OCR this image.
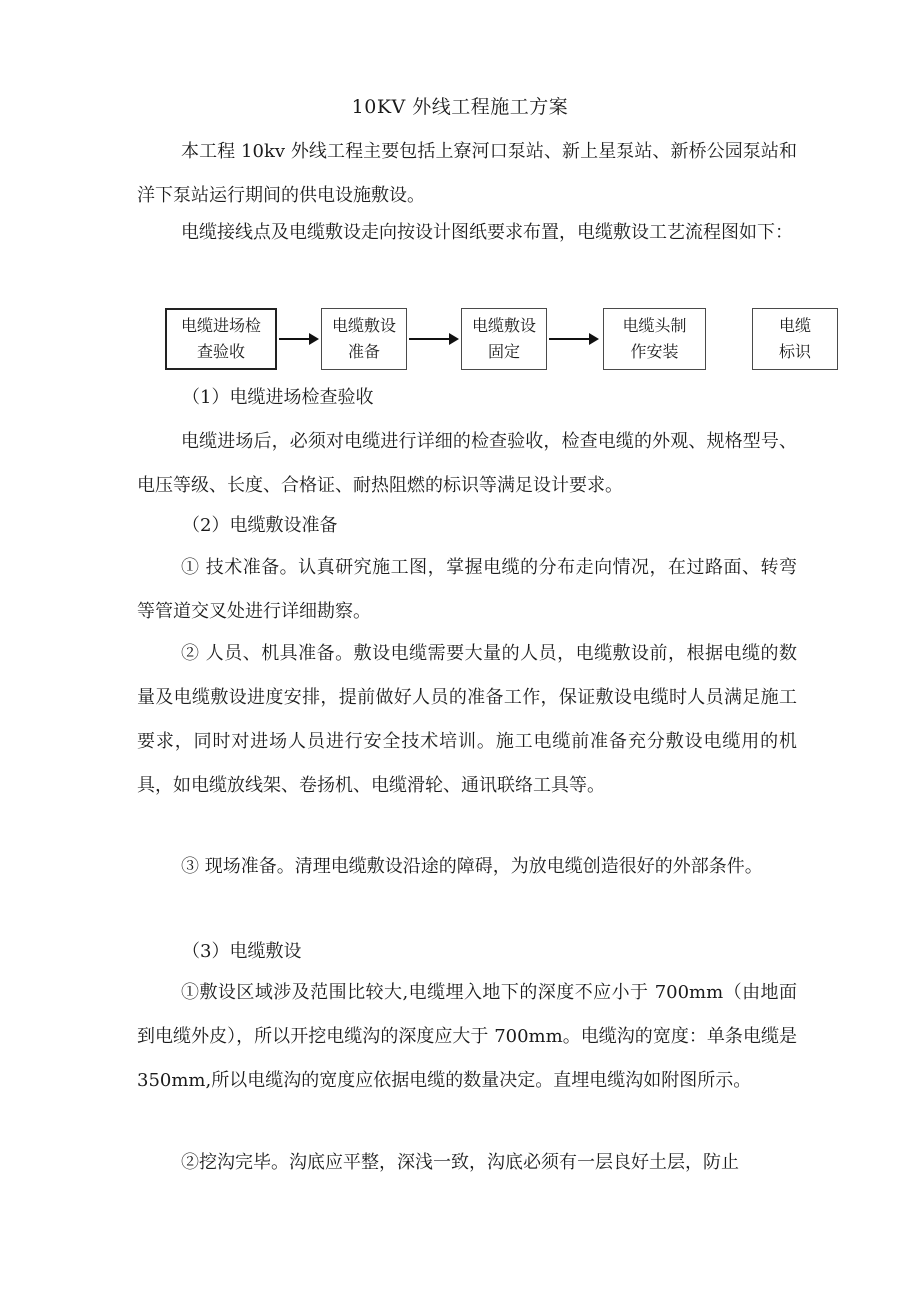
10KV 外线工程施工方案

本工程 10kv 外线工程主要包括上寮河口泵站、新上星泵站、新桥公园泵站和洋下泵站运行期间的供电设施敷设。

电缆接线点及电缆敷设走向按设计图纸要求布置，电缆敷设工艺流程图如下：

电缆进场检
查验收
电缆敷设
准备
电缆敷设
固定
电缆头制
作安装
电缆
标识

（1）电缆进场检查验收

电缆进场后，必须对电缆进行详细的检查验收，检查电缆的外观、规格型号、电压等级、长度、合格证、耐热阻燃的标识等满足设计要求。

（2）电缆敷设准备

① 技术准备。认真研究施工图，掌握电缆的分布走向情况，在过路面、转弯等管道交叉处进行详细勘察。

② 人员、机具准备。敷设电缆需要大量的人员，电缆敷设前，根据电缆的数量及电缆敷设进度安排，提前做好人员的准备工作，保证敷设电缆时人员满足施工要求，同时对进场人员进行安全技术培训。施工电缆前准备充分敷设电缆用的机具，如电缆放线架、卷扬机、电缆滑轮、通讯联络工具等。

③ 现场准备。清理电缆敷设沿途的障碍，为放电缆创造很好的外部条件。

（3）电缆敷设

①敷设区域涉及范围比较大,电缆埋入地下的深度不应小于 700mm（由地面到电缆外皮），所以开挖电缆沟的深度应大于 700mm。电缆沟的宽度：单条电缆是 350mm,所以电缆沟的宽度应依据电缆的数量决定。直埋电缆沟如附图所示。

②挖沟完毕。沟底应平整，深浅一致，沟底必须有一层良好土层，防止
